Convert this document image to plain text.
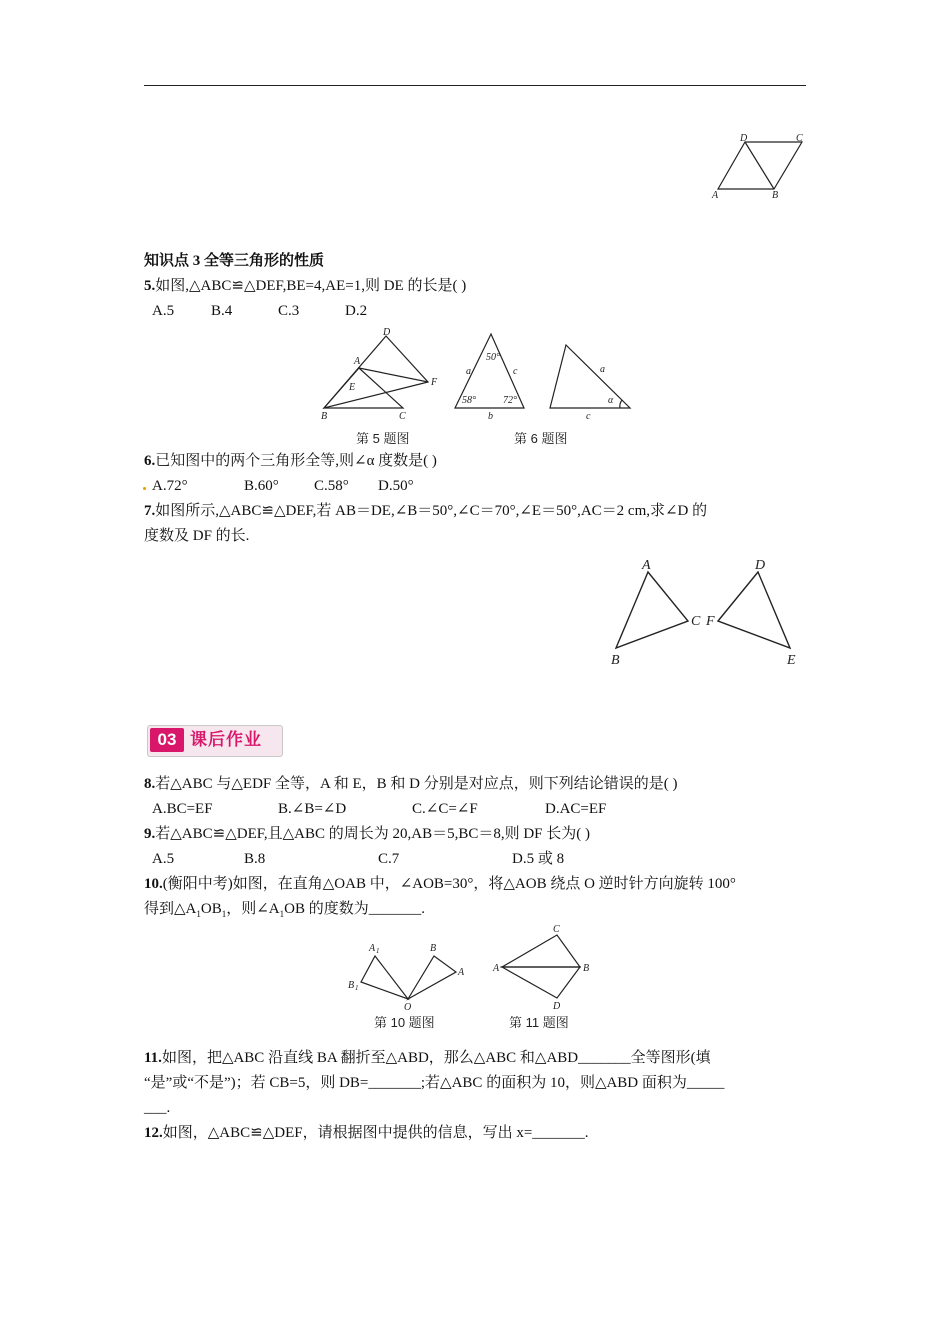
D	C
A	B
知识点 3 全等三角形的性质
5.如图,△ABC≌△DEF,BE=4,AE=1,则 DE 的长是( )
A.5 B.4	C.3	D.2
D
A
E	F
B	C
50°
a	c
58°	72°
b
a
c
α
第 5 题图	第 6 题图
6.已知图中的两个三角形全等,则∠α 度数是( )
A.72°	B.60° C.58° D.50°
7.如图所示,△ABC≌△DEF,若 AB＝DE,∠B＝50°,∠C＝70°,∠E＝50°,AC＝2 cm,求∠D 的
度数及 DF 的长.
A
C F
D
B	E
03 课后作业
8.若△ABC 与△EDF 全等，A 和 E，B 和 D 分别是对应点，则下列结论错误的是( )
A.BC=EF	B.∠B=∠D	C.∠C=∠F	D.AC=EF
9.若△ABC≌△DEF,且△ABC 的周长为 20,AB＝5,BC＝8,则 DF 长为( )
A.5	B.8	C.7	D.5 或 8
10.(衡阳中考)如图，在直角△OAB 中，∠AOB=30°，将△AOB 绕点 O 逆时针方向旋转 100°
得到$\triangle A_1OB_1$，则$\angle A_1OB$ 的度数为_______.
A 1	B
A
B 1
O
C
A	B
D
第 10 题图	第 11 题图
11.如图，把△ABC 沿直线 BA 翻折至△ABD，那么△ABC 和△ABD_______全等图形(填
“是”或“不是”)；若 CB=5，则 DB=_______;若△ABC 的面积为 10，则△ABD 面积为_____
___.
12.如图，△ABC≌△DEF，请根据图中提供的信息，写出 x=_______.
